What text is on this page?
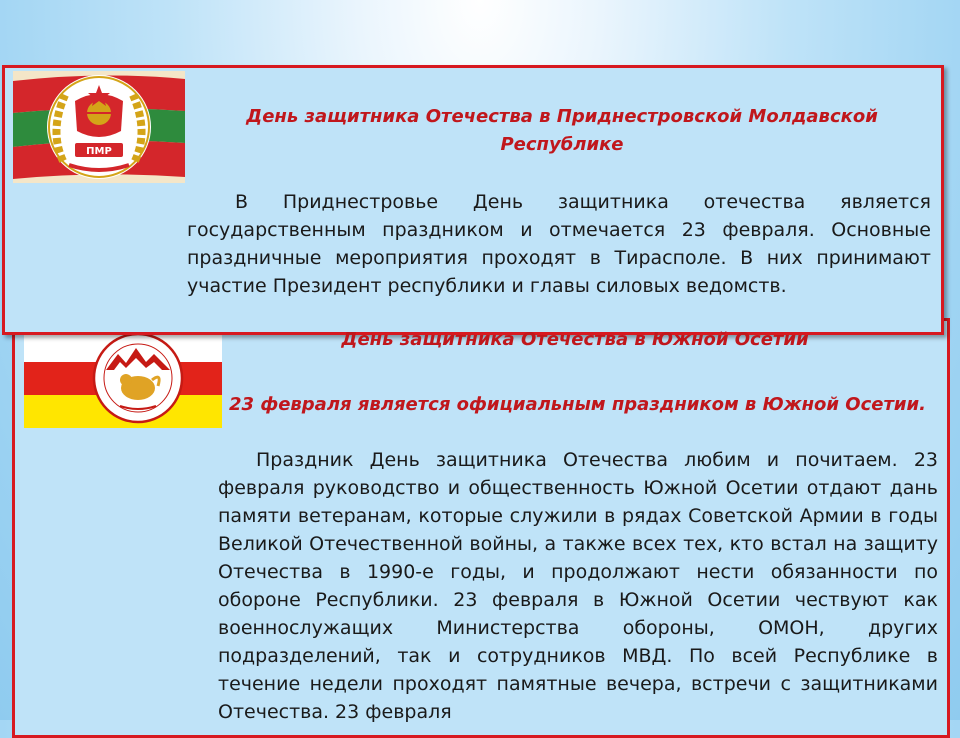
ПМР

День защитника Отечества в Приднестровской Молдавской Республике

В Приднестровье День защитника отечества является государственным праздником и отмечается 23 февраля. Основные праздничные мероприятия проходят в Тирасполе. В них принимают участие Президент республики и главы силовых ведомств.

День защитника Отечества в Южной Осетии

23 февраля является официальным праздником в Южной Осетии.

Праздник День защитника Отечества любим и почитаем. 23 февраля руководство и общественность Южной Осетии отдают дань памяти ветеранам, которые служили в рядах Советской Армии в годы Великой Отечественной войны, а также всех тех, кто встал на защиту Отечества в 1990-е годы, и продолжают нести обязанности по обороне Республики. 23 февраля в Южной Осетии чествуют как военнослужащих Министерства обороны, ОМОН, других подразделений, так и сотрудников МВД. По всей Республике в течение недели проходят памятные вечера, встречи с защитниками Отечества. 23 февраля
